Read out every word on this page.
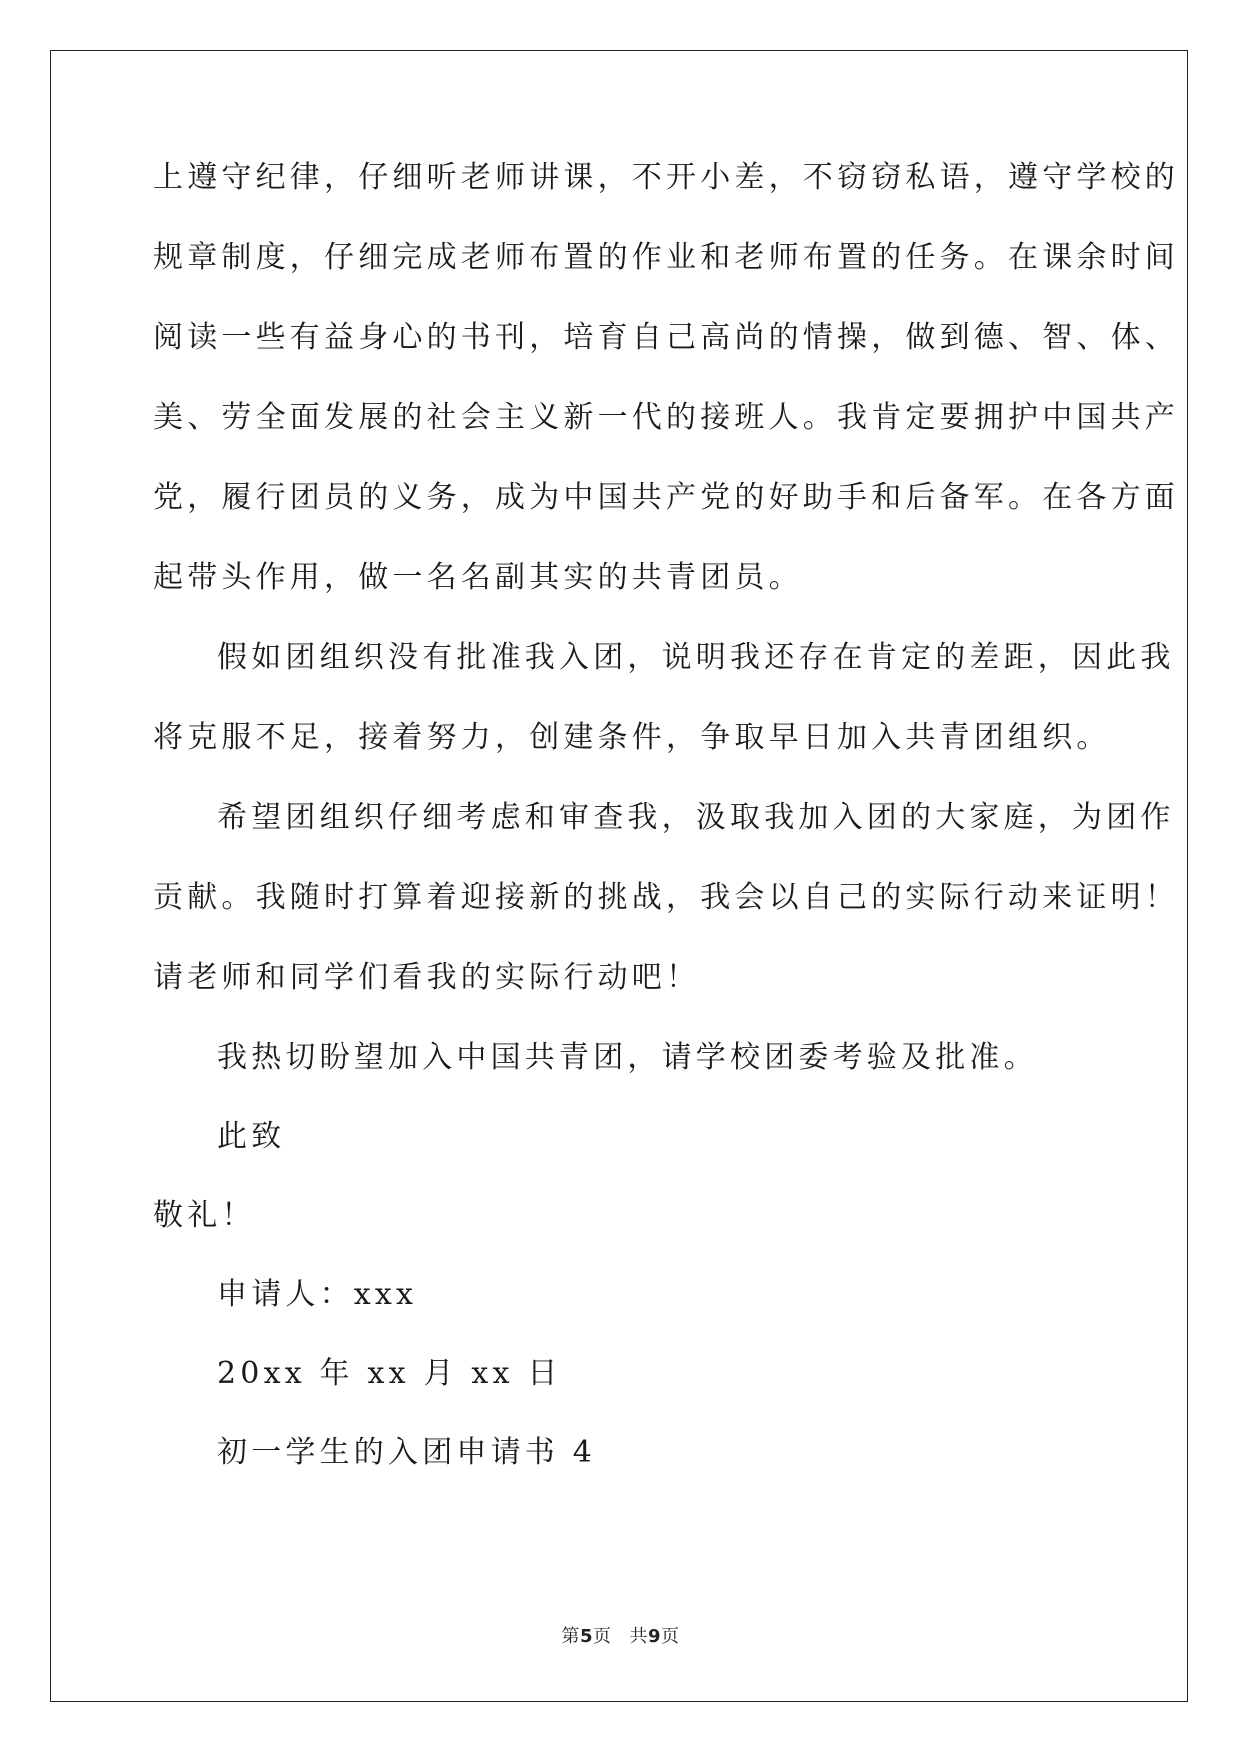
上遵守纪律，仔细听老师讲课，不开小差，不窃窃私语，遵守学校的
规章制度，仔细完成老师布置的作业和老师布置的任务。在课余时间
阅读一些有益身心的书刊，培育自己高尚的情操，做到德、智、体、
美、劳全面发展的社会主义新一代的接班人。我肯定要拥护中国共产
党，履行团员的义务，成为中国共产党的好助手和后备军。在各方面
起带头作用，做一名名副其实的共青团员。
假如团组织没有批准我入团，说明我还存在肯定的差距，因此我
将克服不足，接着努力，创建条件，争取早日加入共青团组织。
希望团组织仔细考虑和审查我，汲取我加入团的大家庭，为团作
贡献。我随时打算着迎接新的挑战，我会以自己的实际行动来证明！
请老师和同学们看我的实际行动吧！
我热切盼望加入中国共青团，请学校团委考验及批准。
此致
敬礼！
申请人：xxx
20xx 年 xx 月 xx 日
初一学生的入团申请书 4
第5页 共9页
